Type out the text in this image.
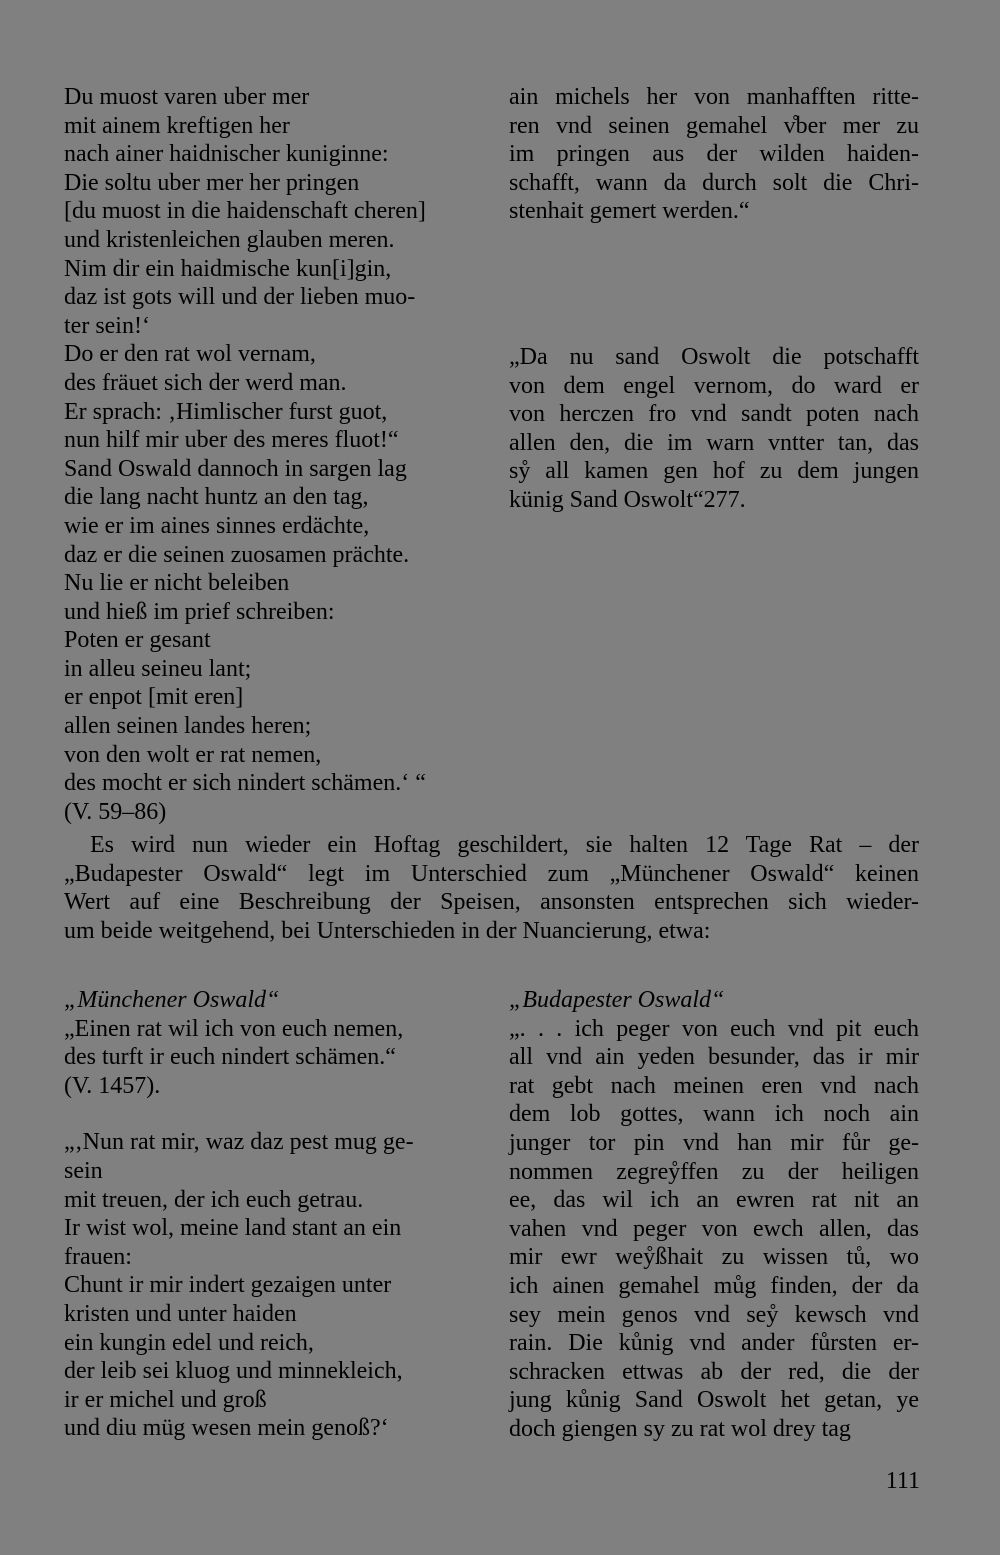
Du muost varen uber mer
mit ainem kreftigen her
nach ainer haidnischer kuniginne:
Die soltu uber mer her pringen
[du muost in die haidenschaft cheren]
und kristenleichen glauben meren.
Nim dir ein haidmische kun[i]gin,
daz ist gots will und der lieben muo-
ter sein!‘
Do er den rat wol vernam,
des fräuet sich der werd man.
Er sprach: ‚Himlischer furst guot,
nun hilf mir uber des meres fluot!“
Sand Oswald dannoch in sargen lag
die lang nacht huntz an den tag,
wie er im aines sinnes erdächte,
daz er die seinen zuosamen prächte.
Nu lie er nicht beleiben
und hieß im prief schreiben:
Poten er gesant
in alleu seineu lant;
er enpot [mit eren]
allen seinen landes heren;
von den wolt er rat nemen,
des mocht er sich nindert schämen.‘ “
(V. 59–86)
ain michels her von manhafften ritte-
ren vnd seinen gemahel v̊ber mer zu
im pringen aus der wilden haiden-
schafft, wann da durch solt die Chri-
stenhait gemert werden.“
„Da nu sand Oswolt die potschafft
von dem engel vernom, do ward er
von herczen fro vnd sandt poten nach
allen den, die im warn vntter tan, das
sẙ all kamen gen hof zu dem jungen
künig Sand Oswolt“277.
Es wird nun wieder ein Hoftag geschildert, sie halten 12 Tage Rat – der
„Budapester Oswald“ legt im Unterschied zum „Münchener Oswald“ keinen
Wert auf eine Beschreibung der Speisen, ansonsten entsprechen sich wieder-
um beide weitgehend, bei Unterschieden in der Nuancierung, etwa:
„Münchener Oswald“
„Einen rat wil ich von euch nemen,
des turft ir euch nindert schämen.“
(V. 1457).
„‚Nun rat mir, waz daz pest mug ge-
sein
mit treuen, der ich euch getrau.
Ir wist wol, meine land stant an ein
frauen:
Chunt ir mir indert gezaigen unter
kristen und unter haiden
ein kungin edel und reich,
der leib sei kluog und minnekleich,
ir er michel und groß
und diu müg wesen mein genoß?‘
„Budapester Oswald“
„. . . ich peger von euch vnd pit euch
all vnd ain yeden besunder, das ir mir
rat gebt nach meinen eren vnd nach
dem lob gottes, wann ich noch ain
junger tor pin vnd han mir fůr ge-
nommen zegreẙffen zu der heiligen
ee, das wil ich an ewren rat nit an
vahen vnd peger von ewch allen, das
mir ewr weẙßhait zu wissen tů, wo
ich ainen gemahel můg finden, der da
sey mein genos vnd seẙ kewsch vnd
rain. Die kůnig vnd ander fůrsten er-
schracken ettwas ab der red, die der
jung kůnig Sand Oswolt het getan, ye
doch giengen sy zu rat wol drey tag
111
